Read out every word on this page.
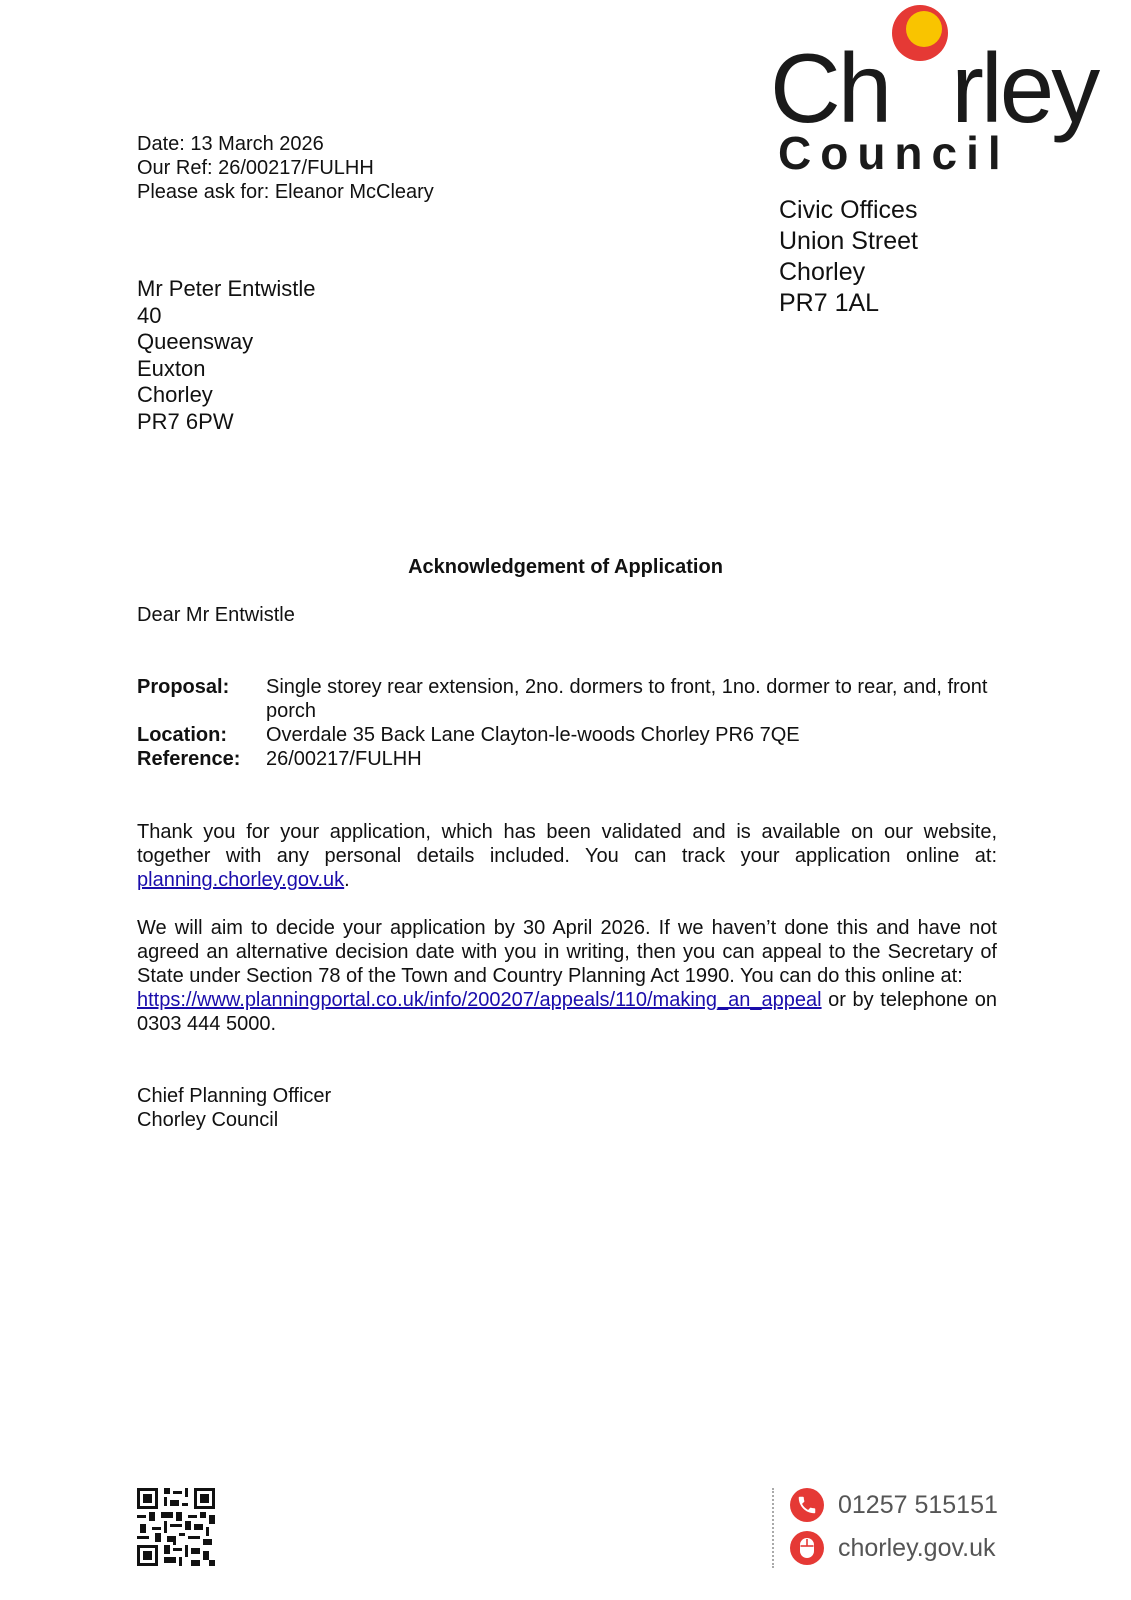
Date: 13 March 2026
Our Ref: 26/00217/FULHH
Please ask for: Eleanor McCleary
Ch rley
Council
Civic Offices
Union Street
Chorley
PR7 1AL
Mr Peter Entwistle
40
Queensway
Euxton
Chorley
PR7 6PW
Acknowledgement of Application
Dear Mr Entwistle
Proposal:	Single storey rear extension, 2no. dormers to front, 1no. dormer to rear, and, front porch
Location:	Overdale 35 Back Lane Clayton-le-woods Chorley PR6 7QE
Reference:	26/00217/FULHH
Thank you for your application, which has been validated and is available on our website, together with any personal details included. You can track your application online at: planning.chorley.gov.uk.
We will aim to decide your application by 30 April 2026. If we haven’t done this and have not agreed an alternative decision date with you in writing, then you can appeal to the Secretary of State under Section 78 of the Town and Country Planning Act 1990. You can do this online at:
https://www.planningportal.co.uk/info/200207/appeals/110/making_an_appeal or by telephone on 0303 444 5000.
Chief Planning Officer
Chorley Council
01257 515151
chorley.gov.uk
